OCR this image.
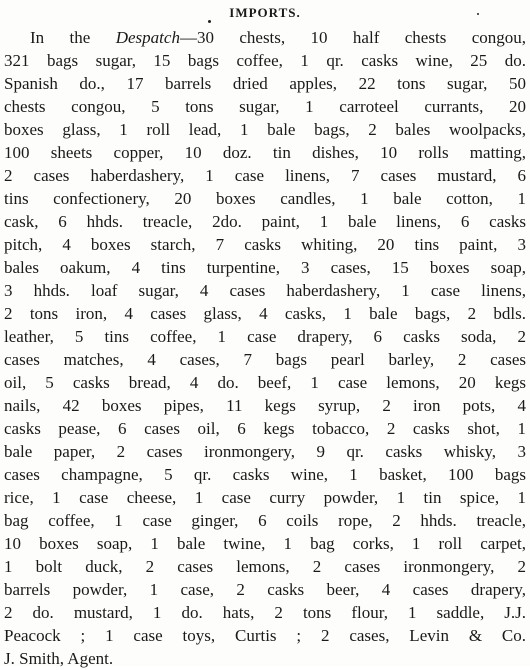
IMPORTS.
In the Despatch—30 chests, 10 half chests congou,
321 bags sugar, 15 bags coffee, 1 qr. casks wine, 25 do.
Spanish do., 17 barrels dried apples, 22 tons sugar, 50
chests congou, 5 tons sugar, 1 carroteel currants, 20
boxes glass, 1 roll lead, 1 bale bags, 2 bales woolpacks,
100 sheets copper, 10 doz. tin dishes, 10 rolls matting,
2 cases haberdashery, 1 case linens, 7 cases mustard, 6
tins confectionery, 20 boxes candles, 1 bale cotton, 1
cask, 6 hhds. treacle, 2do. paint, 1 bale linens, 6 casks
pitch, 4 boxes starch, 7 casks whiting, 20 tins paint, 3
bales oakum, 4 tins turpentine, 3 cases, 15 boxes soap,
3 hhds. loaf sugar, 4 cases haberdashery, 1 case linens,
2 tons iron, 4 cases glass, 4 casks, 1 bale bags, 2 bdls.
leather, 5 tins coffee, 1 case drapery, 6 casks soda, 2
cases matches, 4 cases, 7 bags pearl barley, 2 cases
oil, 5 casks bread, 4 do. beef, 1 case lemons, 20 kegs
nails, 42 boxes pipes, 11 kegs syrup, 2 iron pots, 4
casks pease, 6 cases oil, 6 kegs tobacco, 2 casks shot, 1
bale paper, 2 cases ironmongery, 9 qr. casks whisky, 3
cases champagne, 5 qr. casks wine, 1 basket, 100 bags
rice, 1 case cheese, 1 case curry powder, 1 tin spice, 1
bag coffee, 1 case ginger, 6 coils rope, 2 hhds. treacle,
10 boxes soap, 1 bale twine, 1 bag corks, 1 roll carpet,
1 bolt duck, 2 cases lemons, 2 cases ironmongery, 2
barrels powder, 1 case, 2 casks beer, 4 cases drapery,
2 do. mustard, 1 do. hats, 2 tons flour, 1 saddle, J.J.
Peacock ; 1 case toys, Curtis ; 2 cases, Levin & Co.
J. Smith, Agent.
